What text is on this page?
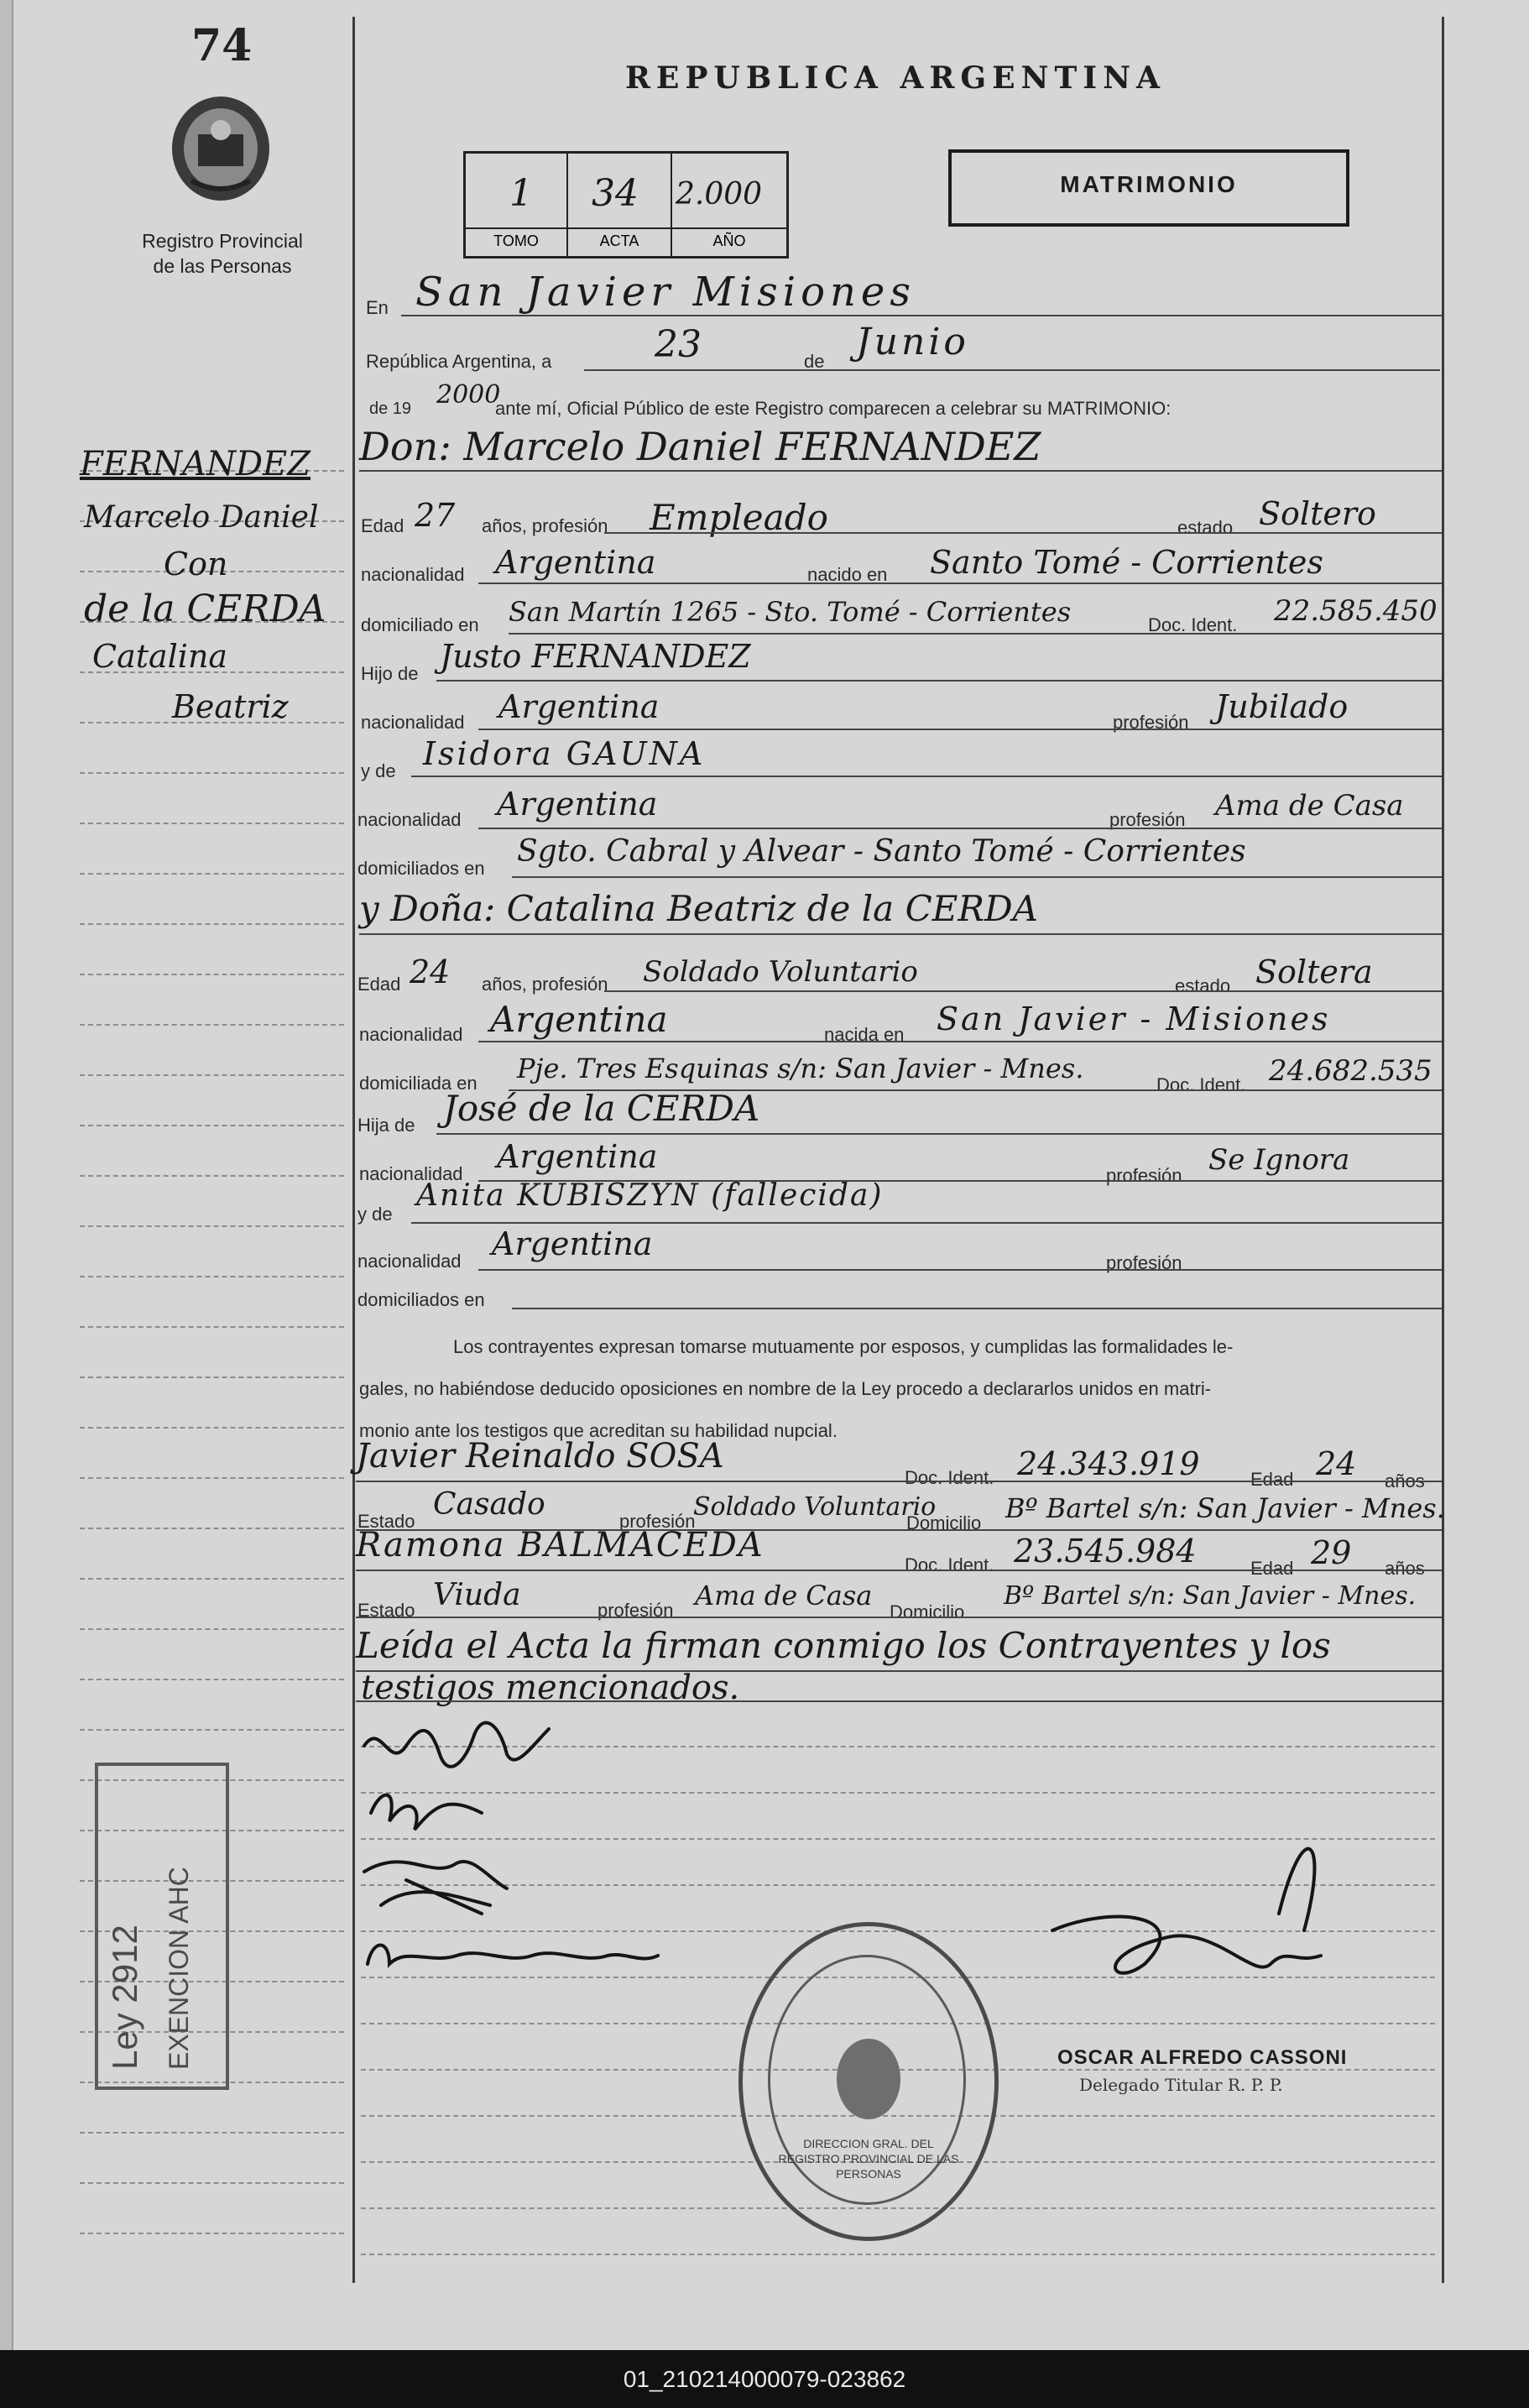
74
Registro Provincial
de las Personas
REPUBLICA ARGENTINA
1 34 2.000
TOMO	ACTA	AÑO
MATRIMONIO
FERNANDEZ
Marcelo Daniel
Con
de la CERDA
Catalina
Beatriz
En San Javier Misiones
República Argentina, a	23	de Junio
de 19 2000
ante mí, Oficial Público de este Registro comparecen a celebrar su MATRIMONIO:
Don: Marcelo Daniel FERNANDEZ
Edad 27 años, profesión Empleado	estado Soltero
nacionalidad Argentina	nacido en Santo Tomé - Corrientes
domiciliado en San Martín 1265 - Sto. Tomé - Corrientes	Doc. Ident. 22.585.450
Hijo de Justo FERNANDEZ
nacionalidad Argentina	profesión Jubilado
y de Isidora GAUNA
nacionalidad Argentina	profesión Ama de Casa
domiciliados en Sgto. Cabral y Alvear - Santo Tomé - Corrientes
y Doña: Catalina Beatriz de la CERDA
Edad 24 años, profesión Soldado Voluntario	estado Soltera
nacionalidad Argentina	nacida en San Javier - Misiones
domiciliada en Pje. Tres Esquinas s/n: San Javier - Mnes.
Doc. Ident. 24.682.535
Hija de José de la CERDA
nacionalidad Argentina
profesión Se Ignora
y de
Anita KUBISZYN (fallecida)
nacionalidad Argentina
profesión
domiciliados en
Los contrayentes expresan tomarse mutuamente por esposos, y cumplidas las formalidades le-
gales, no habiéndose deducido oposiciones en nombre de la Ley procedo a declararlos unidos en matri-
monio ante los testigos que acreditan su habilidad nupcial.
Javier Reinaldo SOSA
Doc. Ident. 24.343.919	Edad 24 años
Estado Casado	profesión
Soldado Voluntario
Domicilio Bº Bartel s/n: San Javier - Mnes.
Ramona BALMACEDA
Doc. Ident. 23.545.984	Edad 29 años
Estado Viuda	profesión Ama de Casa
Domicilio
Bº Bartel s/n: San Javier - Mnes.
Leída el Acta la firman conmigo los Contrayentes y los
testigos mencionados.
Ley 2912 EXENCION AHC
DIRECCION GRAL. DEL REGISTRO PROVINCIAL DE LAS PERSONAS
OSCAR ALFREDO CASSONI
Delegado Titular R. P. P.
01_210214000079-023862
